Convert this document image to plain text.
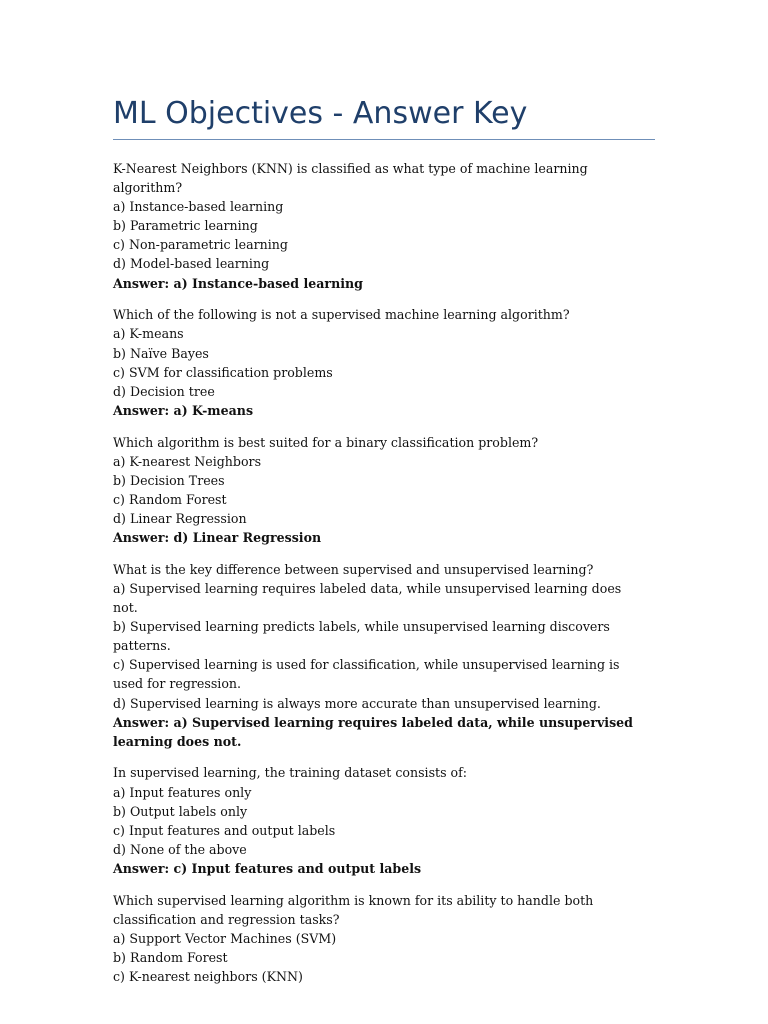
ML Objectives - Answer Key
K-Nearest Neighbors (KNN) is classified as what type of machine learning algorithm?
a) Instance-based learning
b) Parametric learning
c) Non-parametric learning
d) Model-based learning
Answer: a) Instance-based learning
Which of the following is not a supervised machine learning algorithm?
a) K-means
b) Naïve Bayes
c) SVM for classification problems
d) Decision tree
Answer: a) K-means
Which algorithm is best suited for a binary classification problem?
a) K-nearest Neighbors
b) Decision Trees
c) Random Forest
d) Linear Regression
Answer: d) Linear Regression
What is the key difference between supervised and unsupervised learning?
a) Supervised learning requires labeled data, while unsupervised learning does not.
b) Supervised learning predicts labels, while unsupervised learning discovers patterns.
c) Supervised learning is used for classification, while unsupervised learning is used for regression.
d) Supervised learning is always more accurate than unsupervised learning.
Answer: a) Supervised learning requires labeled data, while unsupervised learning does not.
In supervised learning, the training dataset consists of:
a) Input features only
b) Output labels only
c) Input features and output labels
d) None of the above
Answer: c) Input features and output labels
Which supervised learning algorithm is known for its ability to handle both classification and regression tasks?
a) Support Vector Machines (SVM)
b) Random Forest
c) K-nearest neighbors (KNN)
